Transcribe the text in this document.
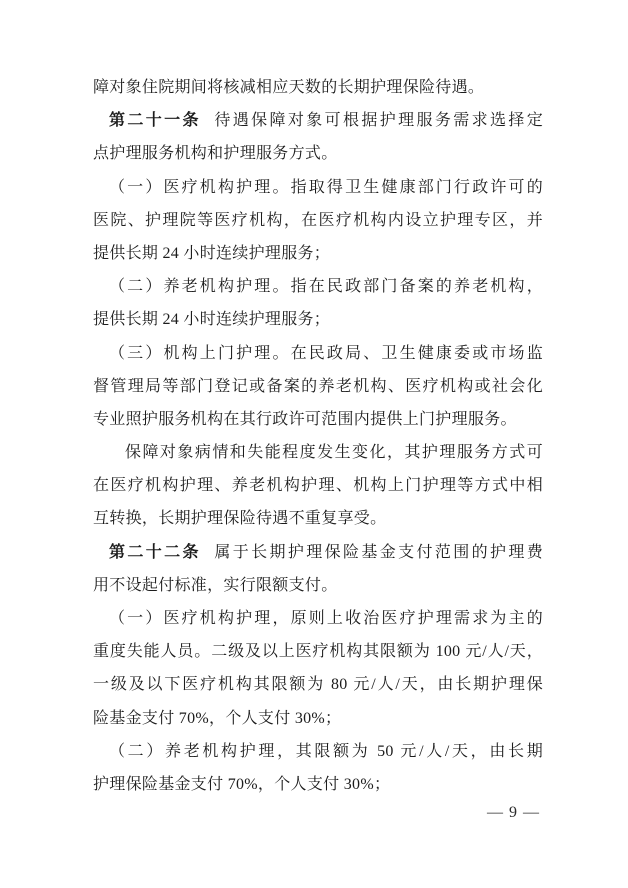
障对象住院期间将核减相应天数的长期护理保险待遇。
第二十一条 待遇保障对象可根据护理服务需求选择定
点护理服务机构和护理服务方式。
（一）医疗机构护理。指取得卫生健康部门行政许可的
医院、护理院等医疗机构，在医疗机构内设立护理专区，并
提供长期 24 小时连续护理服务；
（二）养老机构护理。指在民政部门备案的养老机构，
提供长期 24 小时连续护理服务；
（三）机构上门护理。在民政局、卫生健康委或市场监
督管理局等部门登记或备案的养老机构、医疗机构或社会化
专业照护服务机构在其行政许可范围内提供上门护理服务。
保障对象病情和失能程度发生变化，其护理服务方式可
在医疗机构护理、养老机构护理、机构上门护理等方式中相
互转换，长期护理保险待遇不重复享受。
第二十二条 属于长期护理保险基金支付范围的护理费
用不设起付标准，实行限额支付。
（一）医疗机构护理，原则上收治医疗护理需求为主的
重度失能人员。二级及以上医疗机构其限额为 100 元/人/天，
一级及以下医疗机构其限额为 80 元/人/天，由长期护理保
险基金支付 70%，个人支付 30%；
（二）养老机构护理，其限额为 50 元/人/天，由长期
护理保险基金支付 70%，个人支付 30%；
— 9 —
